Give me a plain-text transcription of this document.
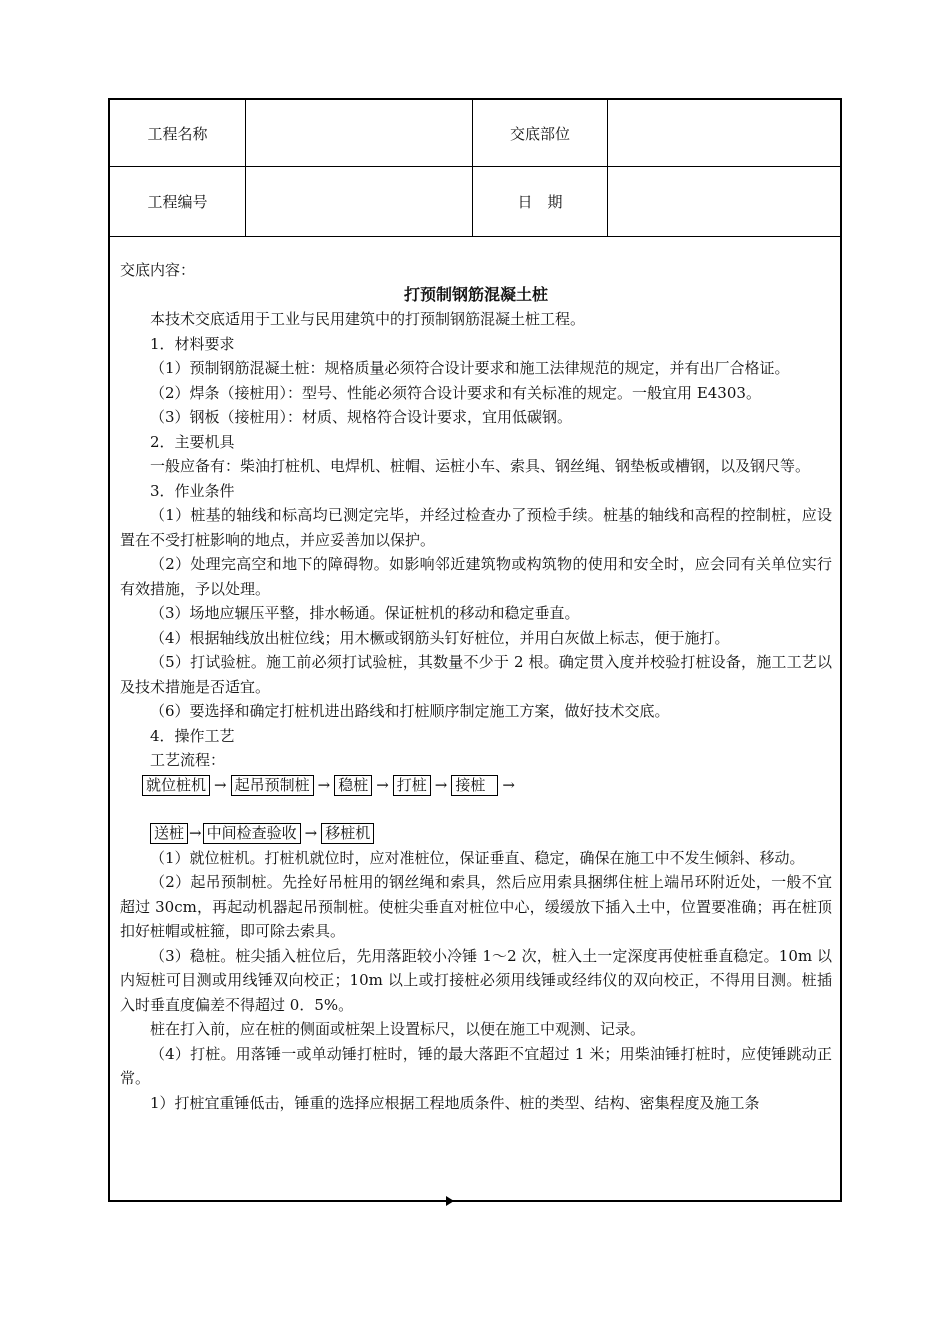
工程名称	交底部位
工程编号	日　期

交底内容：

打预制钢筋混凝土桩

本技术交底适用于工业与民用建筑中的打预制钢筋混凝土桩工程。

1．材料要求

（1）预制钢筋混凝土桩：规格质量必须符合设计要求和施工法律规范的规定，并有出厂合格证。

（2）焊条（接桩用）：型号、性能必须符合设计要求和有关标准的规定。一般宜用 E4303。

（3）钢板（接桩用）：材质、规格符合设计要求，宜用低碳钢。

2．主要机具

一般应备有：柴油打桩机、电焊机、桩帽、运桩小车、索具、钢丝绳、钢垫板或槽钢，以及钢尺等。

3．作业条件

（1）桩基的轴线和标高均已测定完毕，并经过检查办了预检手续。桩基的轴线和高程的控制桩，应设置在不受打桩影响的地点，并应妥善加以保护。

（2）处理完高空和地下的障碍物。如影响邻近建筑物或构筑物的使用和安全时，应会同有关单位实行有效措施，予以处理。

（3）场地应辗压平整，排水畅通。保证桩机的移动和稳定垂直。

（4）根据轴线放出桩位线；用木橛或钢筋头钉好桩位，并用白灰做上标志，便于施打。

（5）打试验桩。施工前必须打试验桩，其数量不少于 2 根。确定贯入度并校验打桩设备，施工工艺以及技术措施是否适宜。

（6）要选择和确定打桩机进出路线和打桩顺序制定施工方案，做好技术交底。

4．操作工艺

工艺流程：

就位桩机 → 起吊预制桩 → 稳桩 → 打桩 → 接桩 →

送桩 → 中间检查验收 → 移桩机

（1）就位桩机。打桩机就位时，应对准桩位，保证垂直、稳定，确保在施工中不发生倾斜、移动。

（2）起吊预制桩。先拴好吊桩用的钢丝绳和索具，然后应用索具捆绑住桩上端吊环附近处，一般不宜超过 30cm，再起动机器起吊预制桩。使桩尖垂直对桩位中心，缓缓放下插入土中，位置要准确；再在桩顶扣好桩帽或桩箍，即可除去索具。

（3）稳桩。桩尖插入桩位后，先用落距较小冷锤 1～2 次，桩入土一定深度再使桩垂直稳定。10m 以内短桩可目测或用线锤双向校正；10m 以上或打接桩必须用线锤或经纬仪的双向校正，不得用目测。桩插入时垂直度偏差不得超过 0．5%。

桩在打入前，应在桩的侧面或桩架上设置标尺，以便在施工中观测、记录。

（4）打桩。用落锤一或单动锤打桩时，锤的最大落距不宜超过 1 米；用柴油锤打桩时，应使锤跳动正常。

1）打桩宜重锤低击，锤重的选择应根据工程地质条件、桩的类型、结构、密集程度及施工条
